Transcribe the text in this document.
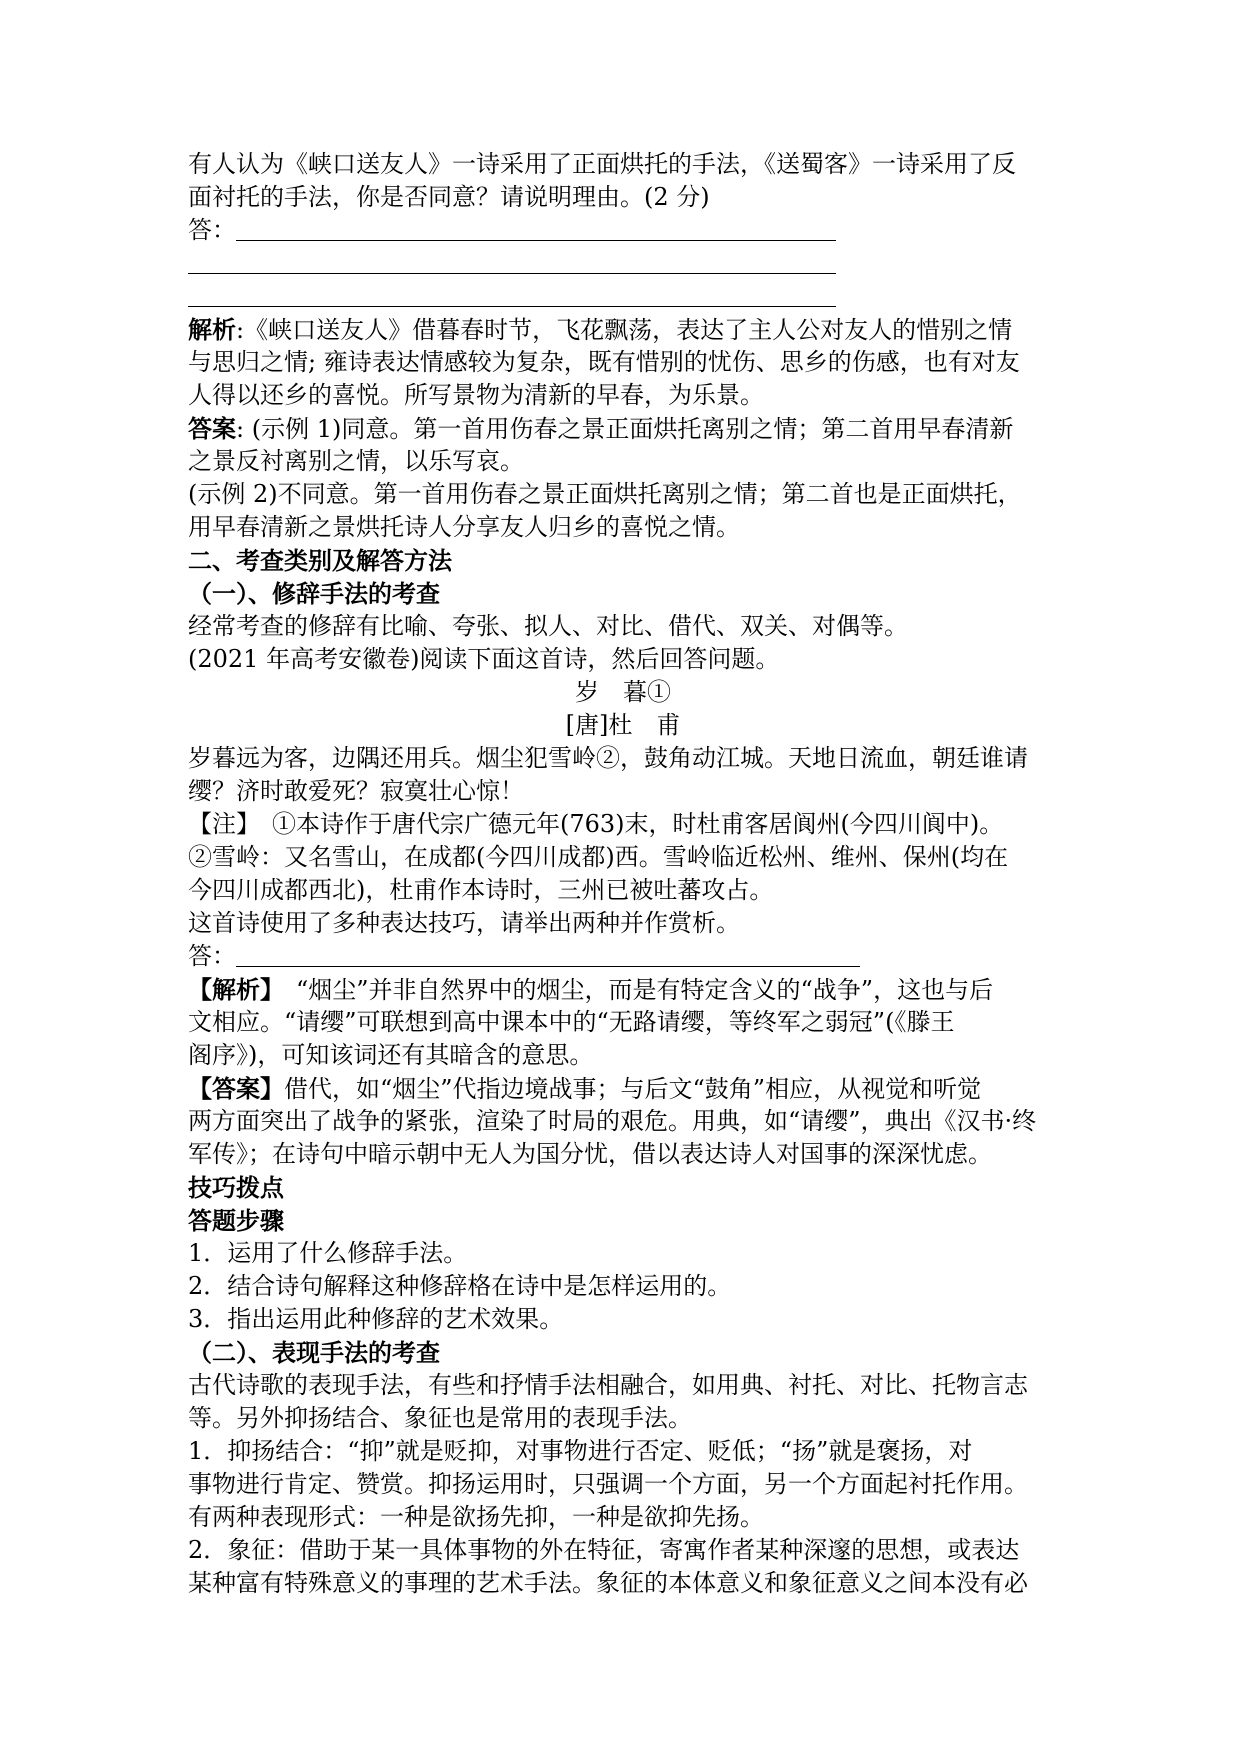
有人认为《峡口送友人》一诗采用了正面烘托的手法，《送蜀客》一诗采用了反
面衬托的手法，你是否同意？请说明理由。(2 分)
答：＿＿＿＿＿＿＿＿＿＿＿＿＿＿＿＿＿＿＿＿＿＿＿＿＿
＿＿＿＿＿＿＿＿＿＿＿＿＿＿＿＿＿＿＿＿＿＿＿＿＿＿＿
＿＿＿＿＿＿＿＿＿＿＿＿＿＿＿＿＿＿＿＿＿＿＿＿＿＿＿
解析:《峡口送友人》借暮春时节，飞花飘荡，表达了主人公对友人的惜别之情
与思归之情; 雍诗表达情感较为复杂，既有惜别的忧伤、思乡的伤感，也有对友
人得以还乡的喜悦。所写景物为清新的早春，为乐景。
答案: (示例 1)同意。第一首用伤春之景正面烘托离别之情；第二首用早春清新
之景反衬离别之情，以乐写哀。
(示例 2)不同意。第一首用伤春之景正面烘托离别之情；第二首也是正面烘托，
用早春清新之景烘托诗人分享友人归乡的喜悦之情。
二、考查类别及解答方法
（一）、修辞手法的考查
经常考查的修辞有比喻、夸张、拟人、对比、借代、双关、对偶等。
(2021 年高考安徽卷)阅读下面这首诗，然后回答问题。
岁　暮①
[唐]杜　甫
岁暮远为客，边隅还用兵。烟尘犯雪岭②，鼓角动江城。天地日流血，朝廷谁请
缨？济时敢爱死？寂寞壮心惊！
【注】　①本诗作于唐代宗广德元年(763)末，时杜甫客居阆州(今四川阆中)。
②雪岭：又名雪山，在成都(今四川成都)西。雪岭临近松州、维州、保州(均在
今四川成都西北)，杜甫作本诗时，三州已被吐蕃攻占。
这首诗使用了多种表达技巧，请举出两种并作赏析。
答：＿＿＿＿＿＿＿＿＿＿＿＿＿＿＿＿＿＿＿＿＿＿＿＿＿＿
【解析】　“烟尘”并非自然界中的烟尘，而是有特定含义的“战争”，这也与后
文相应。“请缨”可联想到高中课本中的“无路请缨，等终军之弱冠”(《滕王
阁序》)，可知该词还有其暗含的意思。
【答案】借代，如“烟尘”代指边境战事；与后文“鼓角”相应，从视觉和听觉
两方面突出了战争的紧张，渲染了时局的艰危。用典，如“请缨”，典出《汉书·终
军传》；在诗句中暗示朝中无人为国分忧，借以表达诗人对国事的深深忧虑。
技巧拨点
答题步骤
1．运用了什么修辞手法。
2．结合诗句解释这种修辞格在诗中是怎样运用的。
3．指出运用此种修辞的艺术效果。
（二）、表现手法的考查
古代诗歌的表现手法，有些和抒情手法相融合，如用典、衬托、对比、托物言志
等。另外抑扬结合、象征也是常用的表现手法。
1．抑扬结合：“抑”就是贬抑，对事物进行否定、贬低；“扬”就是褒扬，对
事物进行肯定、赞赏。抑扬运用时，只强调一个方面，另一个方面起衬托作用。
有两种表现形式：一种是欲扬先抑，一种是欲抑先扬。
2．象征：借助于某一具体事物的外在特征，寄寓作者某种深邃的思想，或表达
某种富有特殊意义的事理的艺术手法。象征的本体意义和象征意义之间本没有必
